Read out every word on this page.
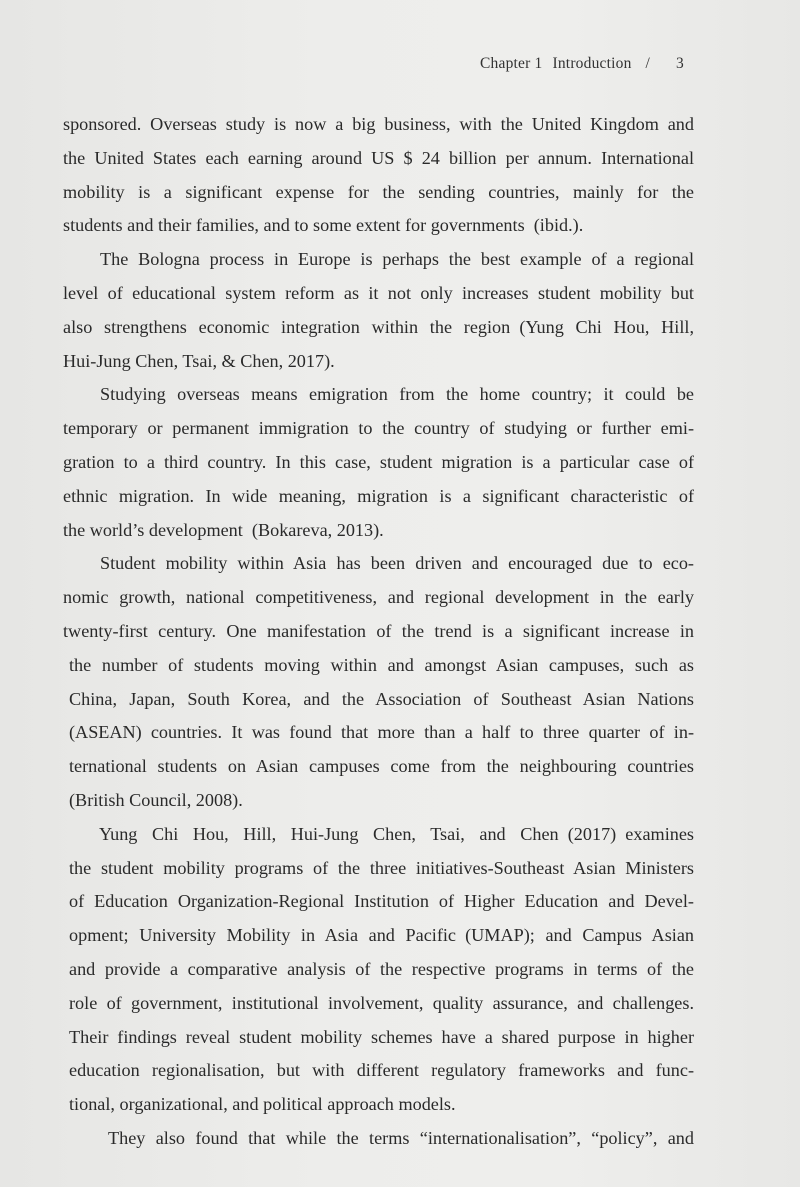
Chapter 1 Introduction / 3
sponsored. Overseas study is now a big business, with the United Kingdom and
the United States each earning around US $ 24 billion per annum. International
mobility is a significant expense for the sending countries, mainly for the
students and their families, and to some extent for governments (ibid.).
The Bologna process in Europe is perhaps the best example of a regional
level of educational system reform as it not only increases student mobility but
also strengthens economic integration within the region (Yung Chi Hou, Hill,
Hui-Jung Chen, Tsai, & Chen, 2017).
Studying overseas means emigration from the home country; it could be
temporary or permanent immigration to the country of studying or further emi-
gration to a third country. In this case, student migration is a particular case of
ethnic migration. In wide meaning, migration is a significant characteristic of
the world’s development (Bokareva, 2013).
Student mobility within Asia has been driven and encouraged due to eco-
nomic growth, national competitiveness, and regional development in the early
twenty-first century. One manifestation of the trend is a significant increase in
the number of students moving within and amongst Asian campuses, such as
China, Japan, South Korea, and the Association of Southeast Asian Nations
(ASEAN) countries. It was found that more than a half to three quarter of in-
ternational students on Asian campuses come from the neighbouring countries
(British Council, 2008).
Yung Chi Hou, Hill, Hui-Jung Chen, Tsai, and Chen (2017) examines
the student mobility programs of the three initiatives-Southeast Asian Ministers
of Education Organization-Regional Institution of Higher Education and Devel-
opment; University Mobility in Asia and Pacific (UMAP); and Campus Asian
and provide a comparative analysis of the respective programs in terms of the
role of government, institutional involvement, quality assurance, and challenges.
Their findings reveal student mobility schemes have a shared purpose in higher
education regionalisation, but with different regulatory frameworks and func-
tional, organizational, and political approach models.
They also found that while the terms “internationalisation”, “policy”, and
